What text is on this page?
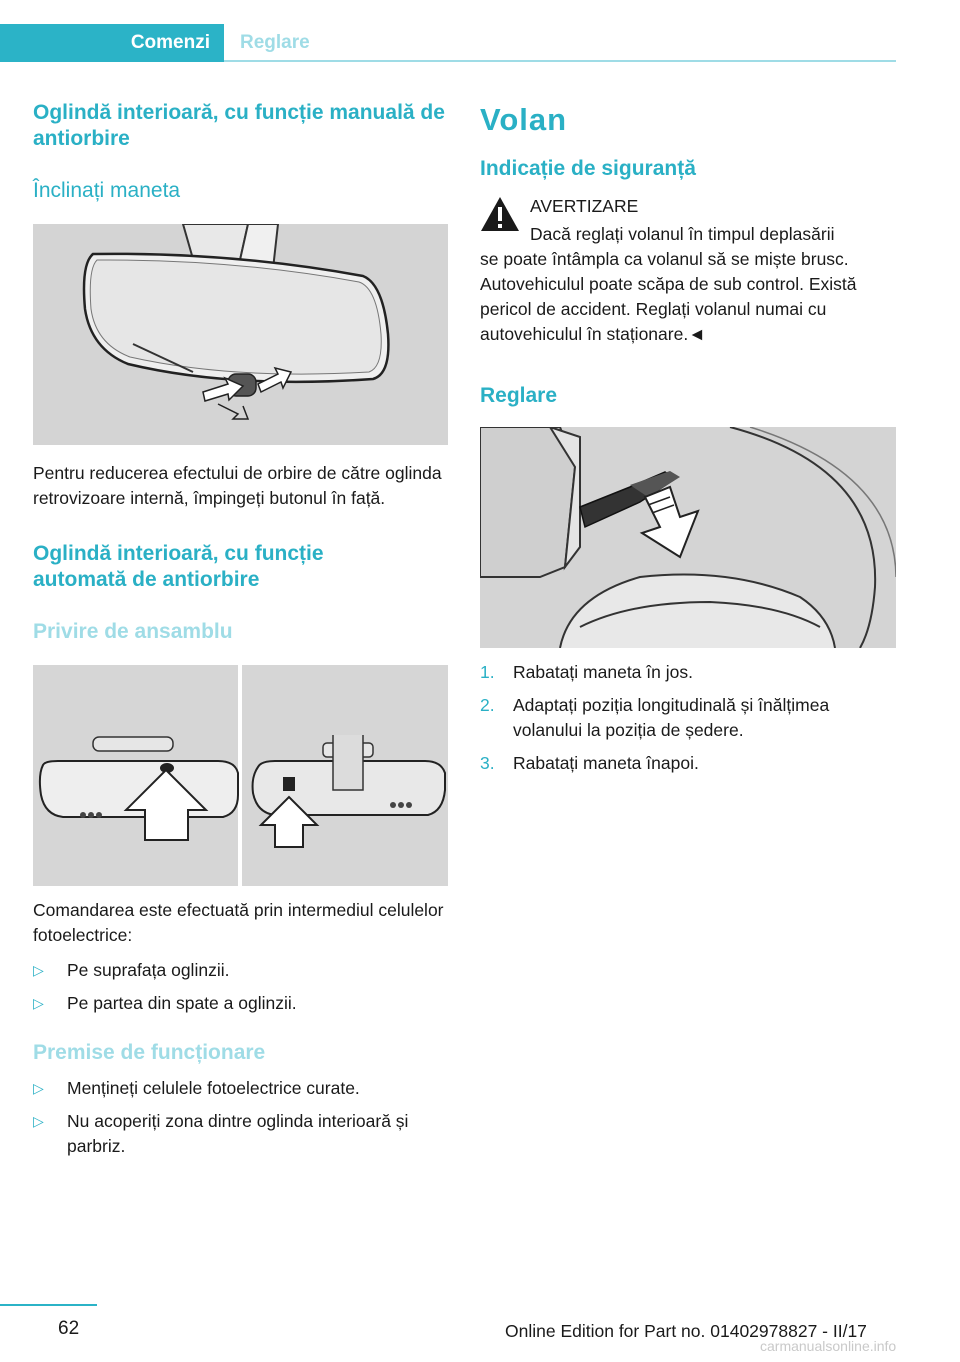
Comenzi	Reglare
Oglindă interioară, cu funcție manuală de antiorbire
Înclinați maneta
Pentru reducerea efectului de orbire de către oglinda retrovizoare internă, împingeți butonul în față.
Oglindă interioară, cu funcție automată de antiorbire
Privire de ansamblu
Comandarea este efectuată prin intermediul celulelor fotoelectrice:
▷ Pe suprafața oglinzii.
▷ Pe partea din spate a oglinzii.
Premise de funcționare
▷ Mențineți celulele fotoelectrice curate.
▷ Nu acoperiți zona dintre oglinda interioară și parbriz.
Volan
Indicație de siguranță
AVERTIZARE
Dacă reglați volanul în timpul deplasării
se poate întâmpla ca volanul să se miște brusc. Autovehiculul poate scăpa de sub control. Există pericol de accident. Reglați volanul numai cu autovehiculul în staționare.◄
Reglare
1. Rabatați maneta în jos.
2. Adaptați poziția longitudinală și înălțimea volanului la poziția de ședere.
3. Rabatați maneta înapoi.
62	Online Edition for Part no. 01402978827 - II/17
carmanualsonline.info
